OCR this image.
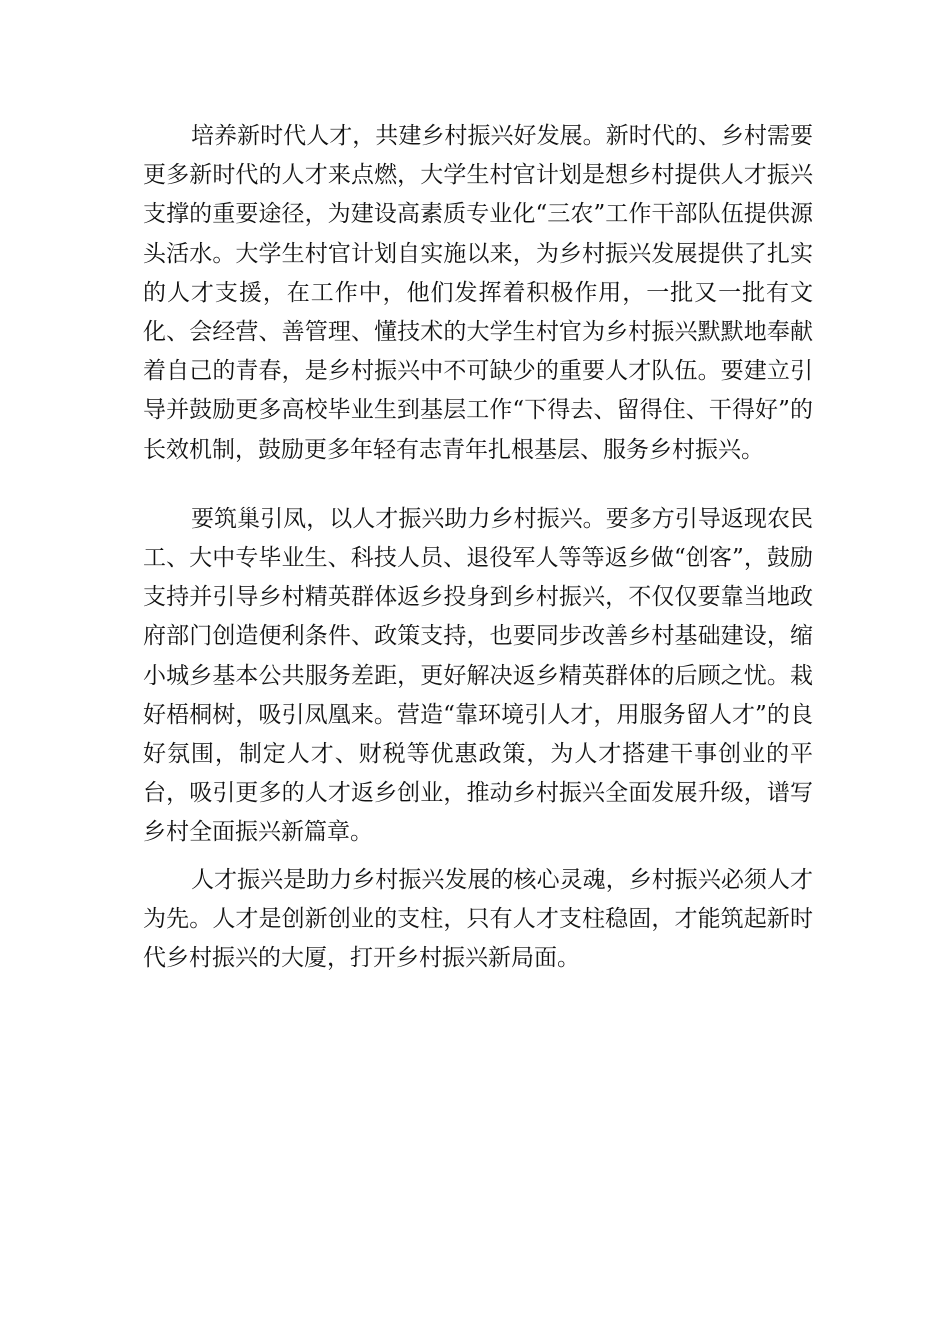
培养新时代人才，共建乡村振兴好发展。新时代的、乡村需要更多新时代的人才来点燃，大学生村官计划是想乡村提供人才振兴支撑的重要途径，为建设高素质专业化“三农”工作干部队伍提供源头活水。大学生村官计划自实施以来，为乡村振兴发展提供了扎实的人才支援，在工作中，他们发挥着积极作用，一批又一批有文化、会经营、善管理、懂技术的大学生村官为乡村振兴默默地奉献着自己的青春，是乡村振兴中不可缺少的重要人才队伍。要建立引导并鼓励更多高校毕业生到基层工作“下得去、留得住、干得好”的长效机制，鼓励更多年轻有志青年扎根基层、服务乡村振兴。

要筑巢引凤，以人才振兴助力乡村振兴。要多方引导返现农民工、大中专毕业生、科技人员、退役军人等等返乡做“创客”，鼓励支持并引导乡村精英群体返乡投身到乡村振兴，不仅仅要靠当地政府部门创造便利条件、政策支持，也要同步改善乡村基础建设，缩小城乡基本公共服务差距，更好解决返乡精英群体的后顾之忧。栽好梧桐树，吸引凤凰来。营造“靠环境引人才，用服务留人才”的良好氛围，制定人才、财税等优惠政策，为人才搭建干事创业的平台，吸引更多的人才返乡创业，推动乡村振兴全面发展升级，谱写乡村全面振兴新篇章。

人才振兴是助力乡村振兴发展的核心灵魂，乡村振兴必须人才为先。人才是创新创业的支柱，只有人才支柱稳固，才能筑起新时代乡村振兴的大厦，打开乡村振兴新局面。
